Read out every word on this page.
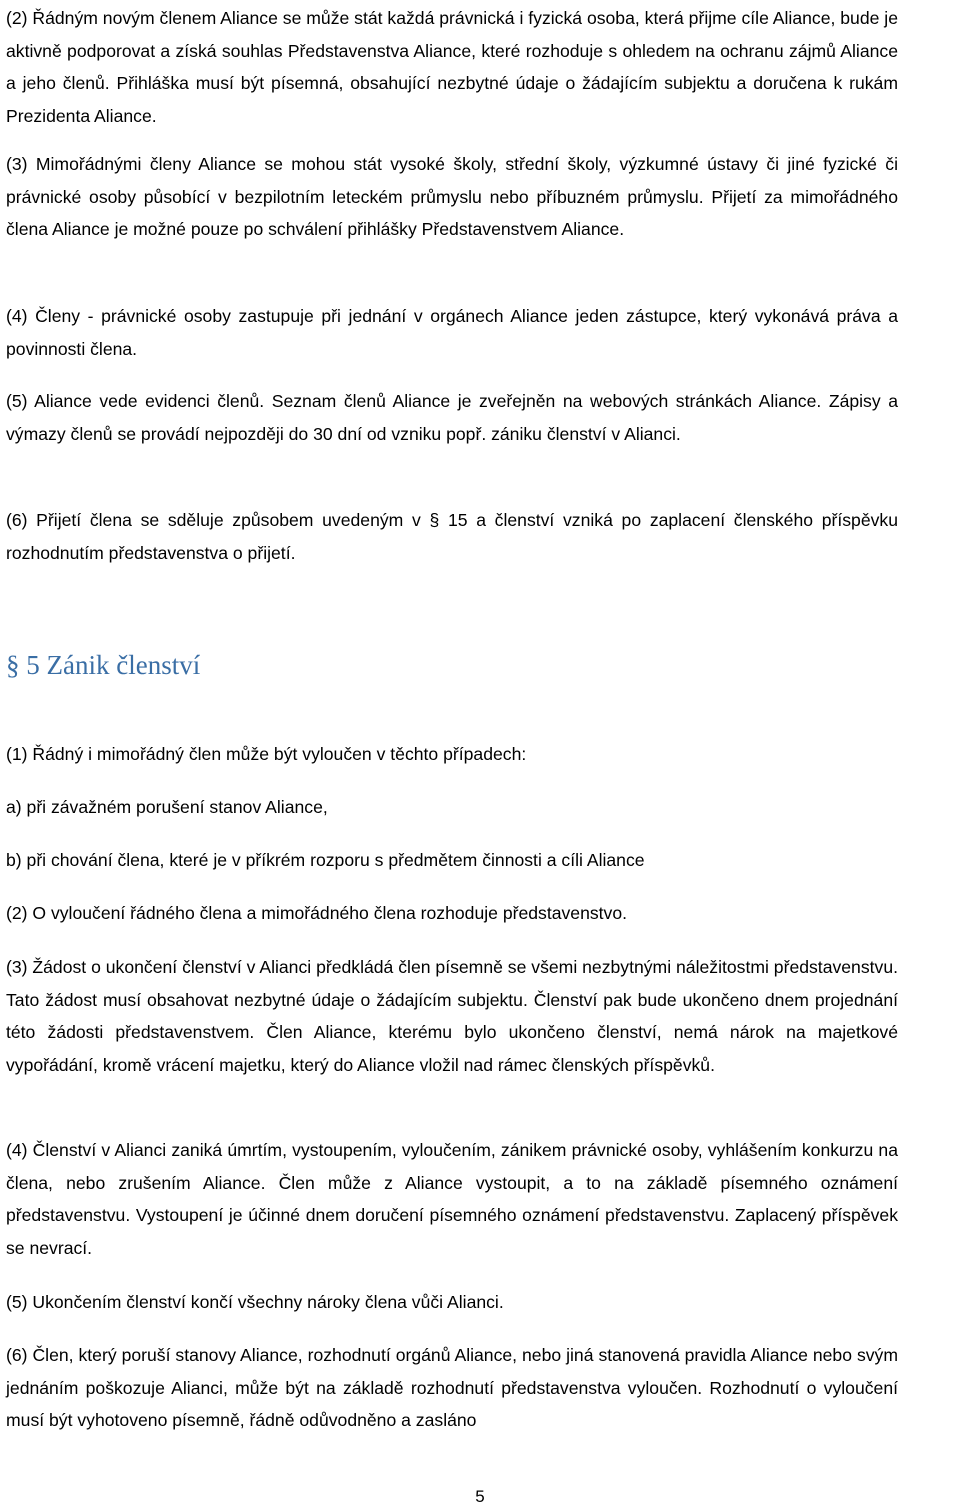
(2) Řádným novým členem Aliance se může stát každá právnická i fyzická osoba, která přijme cíle Aliance, bude je aktivně podporovat a získá souhlas Představenstva Aliance, které rozhoduje s ohledem na ochranu zájmů Aliance a jeho členů. Přihláška musí být písemná, obsahující nezbytné údaje o žádajícím subjektu a doručena k rukám Prezidenta Aliance.

(3) Mimořádnými členy Aliance se mohou stát vysoké školy, střední školy, výzkumné ústavy či jiné fyzické či právnické osoby působící v bezpilotním leteckém průmyslu nebo příbuzném průmyslu. Přijetí za mimořádného člena Aliance je možné pouze po schválení přihlášky Představenstvem Aliance.

(4) Členy - právnické osoby zastupuje při jednání v orgánech Aliance jeden zástupce, který vykonává práva a povinnosti člena.

(5) Aliance vede evidenci členů. Seznam členů Aliance je zveřejněn na webových stránkách Aliance. Zápisy a výmazy členů se provádí nejpozději do 30 dní od vzniku popř. zániku členství v Alianci.

(6) Přijetí člena se sděluje způsobem uvedeným v § 15 a členství vzniká po zaplacení členského příspěvku rozhodnutím představenstva o přijetí.

§ 5 Zánik členství

(1) Řádný i mimořádný člen může být vyloučen v těchto případech:

a) při závažném porušení stanov Aliance,

b) při chování člena, které je v příkrém rozporu s předmětem činnosti a cíli Aliance

(2) O vyloučení řádného člena a mimořádného člena rozhoduje představenstvo.

(3) Žádost o ukončení členství v Alianci předkládá člen písemně se všemi nezbytnými náležitostmi představenstvu. Tato žádost musí obsahovat nezbytné údaje o žádajícím subjektu. Členství pak bude ukončeno dnem projednání této žádosti představenstvem. Člen Aliance, kterému bylo ukončeno členství, nemá nárok na majetkové vypořádání, kromě vrácení majetku, který do Aliance vložil nad rámec členských příspěvků.

(4) Členství v Alianci zaniká úmrtím, vystoupením, vyloučením, zánikem právnické osoby, vyhlášením konkurzu na člena, nebo zrušením Aliance. Člen může z Aliance vystoupit, a to na základě písemného oznámení představenstvu. Vystoupení je účinné dnem doručení písemného oznámení představenstvu. Zaplacený příspěvek se nevrací.

(5) Ukončením členství končí všechny nároky člena vůči Alianci.

(6) Člen, který poruší stanovy Aliance, rozhodnutí orgánů Aliance, nebo jiná stanovená pravidla Aliance nebo svým jednáním poškozuje Alianci, může být na základě rozhodnutí představenstva vyloučen. Rozhodnutí o vyloučení musí být vyhotoveno písemně, řádně odůvodněno a zasláno

5
